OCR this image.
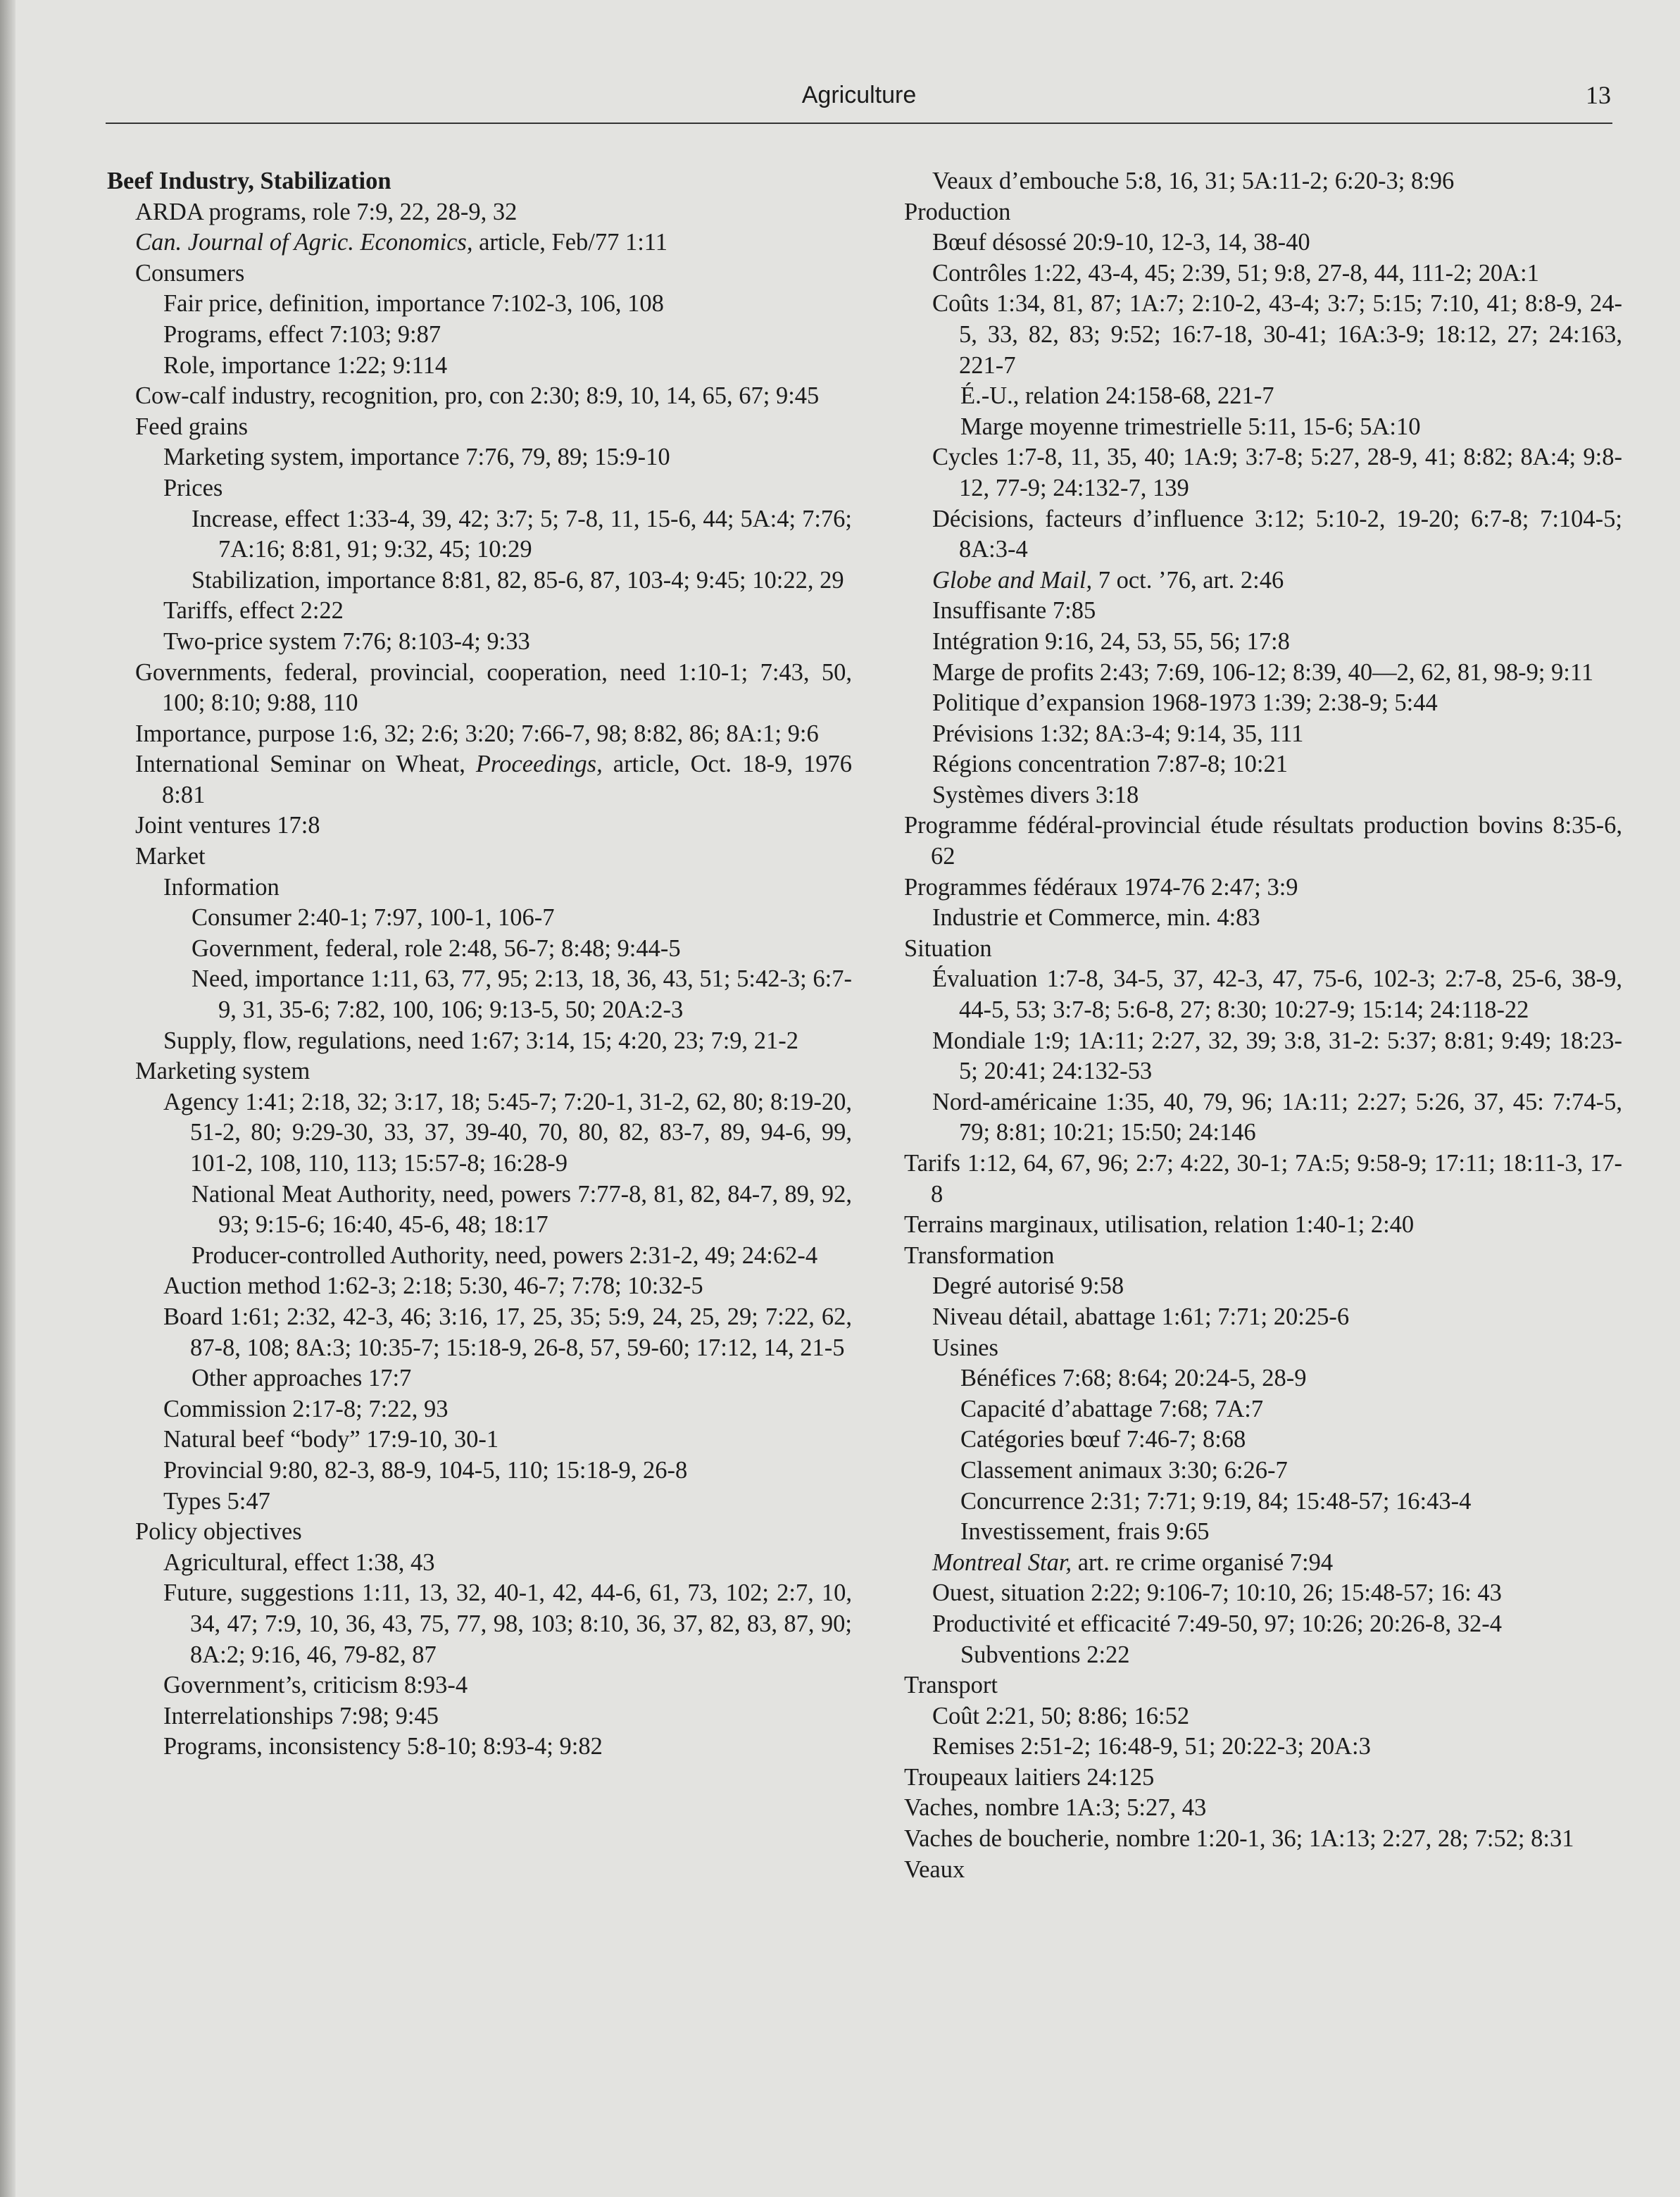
Agriculture	13
Beef Industry, Stabilization
ARDA programs, role 7:9, 22, 28-9, 32
Can. Journal of Agric. Economics, article, Feb/77 1:11
Consumers
Fair price, definition, importance 7:102-3, 106, 108
Programs, effect 7:103; 9:87
Role, importance 1:22; 9:114
Cow-calf industry, recognition, pro, con 2:30; 8:9, 10, 14, 65, 67; 9:45
Feed grains
Marketing system, importance 7:76, 79, 89; 15:9-10
Prices
Increase, effect 1:33-4, 39, 42; 3:7; 5; 7-8, 11, 15-6, 44; 5A:4; 7:76; 7A:16; 8:81, 91; 9:32, 45; 10:29
Stabilization, importance 8:81, 82, 85-6, 87, 103-4; 9:45; 10:22, 29
Tariffs, effect 2:22
Two-price system 7:76; 8:103-4; 9:33
Governments, federal, provincial, cooperation, need 1:10-1; 7:43, 50, 100; 8:10; 9:88, 110
Importance, purpose 1:6, 32; 2:6; 3:20; 7:66-7, 98; 8:82, 86; 8A:1; 9:6
International Seminar on Wheat, Proceedings, article, Oct. 18-9, 1976 8:81
Joint ventures 17:8
Market
Information
Consumer 2:40-1; 7:97, 100-1, 106-7
Government, federal, role 2:48, 56-7; 8:48; 9:44-5
Need, importance 1:11, 63, 77, 95; 2:13, 18, 36, 43, 51; 5:42-3; 6:7-9, 31, 35-6; 7:82, 100, 106; 9:13-5, 50; 20A:2-3
Supply, flow, regulations, need 1:67; 3:14, 15; 4:20, 23; 7:9, 21-2
Marketing system
Agency 1:41; 2:18, 32; 3:17, 18; 5:45-7; 7:20-1, 31-2, 62, 80; 8:19-20, 51-2, 80; 9:29-30, 33, 37, 39-40, 70, 80, 82, 83-7, 89, 94-6, 99, 101-2, 108, 110, 113; 15:57-8; 16:28-9
National Meat Authority, need, powers 7:77-8, 81, 82, 84-7, 89, 92, 93; 9:15-6; 16:40, 45-6, 48; 18:17
Producer-controlled Authority, need, powers 2:31-2, 49; 24:62-4
Auction method 1:62-3; 2:18; 5:30, 46-7; 7:78; 10:32-5
Board 1:61; 2:32, 42-3, 46; 3:16, 17, 25, 35; 5:9, 24, 25, 29; 7:22, 62, 87-8, 108; 8A:3; 10:35-7; 15:18-9, 26-8, 57, 59-60; 17:12, 14, 21-5
Other approaches 17:7
Commission 2:17-8; 7:22, 93
Natural beef “body” 17:9-10, 30-1
Provincial 9:80, 82-3, 88-9, 104-5, 110; 15:18-9, 26-8
Types 5:47
Policy objectives
Agricultural, effect 1:38, 43
Future, suggestions 1:11, 13, 32, 40-1, 42, 44-6, 61, 73, 102; 2:7, 10, 34, 47; 7:9, 10, 36, 43, 75, 77, 98, 103; 8:10, 36, 37, 82, 83, 87, 90; 8A:2; 9:16, 46, 79-82, 87
Government’s, criticism 8:93-4
Interrelationships 7:98; 9:45
Programs, inconsistency 5:8-10; 8:93-4; 9:82
Veaux d’embouche 5:8, 16, 31; 5A:11-2; 6:20-3; 8:96
Production
Bœuf désossé 20:9-10, 12-3, 14, 38-40
Contrôles 1:22, 43-4, 45; 2:39, 51; 9:8, 27-8, 44, 111-2; 20A:1
Coûts 1:34, 81, 87; 1A:7; 2:10-2, 43-4; 3:7; 5:15; 7:10, 41; 8:8-9, 24-5, 33, 82, 83; 9:52; 16:7-18, 30-41; 16A:3-9; 18:12, 27; 24:163, 221-7
É.-U., relation 24:158-68, 221-7
Marge moyenne trimestrielle 5:11, 15-6; 5A:10
Cycles 1:7-8, 11, 35, 40; 1A:9; 3:7-8; 5:27, 28-9, 41; 8:82; 8A:4; 9:8-12, 77-9; 24:132-7, 139
Décisions, facteurs d’influence 3:12; 5:10-2, 19-20; 6:7-8; 7:104-5; 8A:3-4
Globe and Mail, 7 oct. ’76, art. 2:46
Insuffisante 7:85
Intégration 9:16, 24, 53, 55, 56; 17:8
Marge de profits 2:43; 7:69, 106-12; 8:39, 40—2, 62, 81, 98-9; 9:11
Politique d’expansion 1968-1973 1:39; 2:38-9; 5:44
Prévisions 1:32; 8A:3-4; 9:14, 35, 111
Régions concentration 7:87-8; 10:21
Systèmes divers 3:18
Programme fédéral-provincial étude résultats production bovins 8:35-6, 62
Programmes fédéraux 1974-76 2:47; 3:9
Industrie et Commerce, min. 4:83
Situation
Évaluation 1:7-8, 34-5, 37, 42-3, 47, 75-6, 102-3; 2:7-8, 25-6, 38-9, 44-5, 53; 3:7-8; 5:6-8, 27; 8:30; 10:27-9; 15:14; 24:118-22
Mondiale 1:9; 1A:11; 2:27, 32, 39; 3:8, 31-2: 5:37; 8:81; 9:49; 18:23-5; 20:41; 24:132-53
Nord-américaine 1:35, 40, 79, 96; 1A:11; 2:27; 5:26, 37, 45: 7:74-5, 79; 8:81; 10:21; 15:50; 24:146
Tarifs 1:12, 64, 67, 96; 2:7; 4:22, 30-1; 7A:5; 9:58-9; 17:11; 18:11-3, 17-8
Terrains marginaux, utilisation, relation 1:40-1; 2:40
Transformation
Degré autorisé 9:58
Niveau détail, abattage 1:61; 7:71; 20:25-6
Usines
Bénéfices 7:68; 8:64; 20:24-5, 28-9
Capacité d’abattage 7:68; 7A:7
Catégories bœuf 7:46-7; 8:68
Classement animaux 3:30; 6:26-7
Concurrence 2:31; 7:71; 9:19, 84; 15:48-57; 16:43-4
Investissement, frais 9:65
Montreal Star, art. re crime organisé 7:94
Ouest, situation 2:22; 9:106-7; 10:10, 26; 15:48-57; 16: 43
Productivité et efficacité 7:49-50, 97; 10:26; 20:26-8, 32-4
Subventions 2:22
Transport
Coût 2:21, 50; 8:86; 16:52
Remises 2:51-2; 16:48-9, 51; 20:22-3; 20A:3
Troupeaux laitiers 24:125
Vaches, nombre 1A:3; 5:27, 43
Vaches de boucherie, nombre 1:20-1, 36; 1A:13; 2:27, 28; 7:52; 8:31
Veaux
